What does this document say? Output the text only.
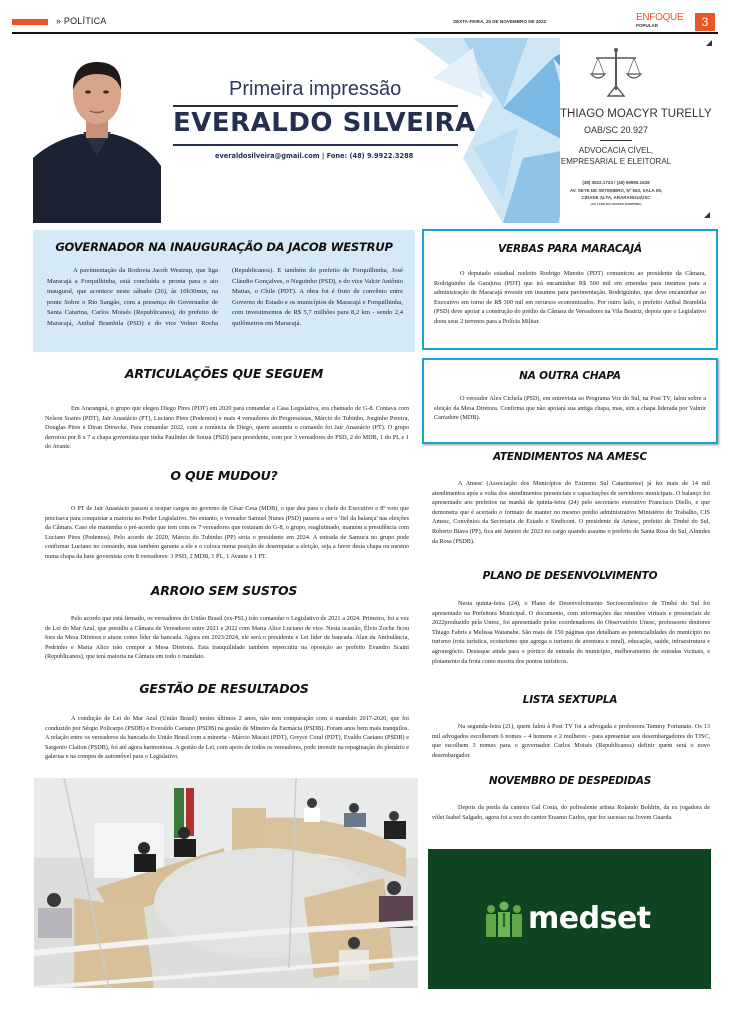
» POLÍTICA	SEXTA-FEIRA, 25 DE NOVEMBRO DE 2022	ENFOQUE
POPULAR	3
Primeira impressão
EVERALDO SILVEIRA
everaldosilveira@gmail.com | Fone: (48) 9.9922.3288
THIAGO MOACYR TURELLY
OAB/SC 20.927
ADVOCACIA CÍVEL,
EMPRESARIAL E ELEITORAL
(48) 3522.1724 / (48) 99955.1628
AV. SETE DE SETEMBRO, Nº 653, SALA 09,
CIDADE ALTA, ARARANGUÁ/SC
(AO LADO DO CENTER SHOPPING)
GOVERNADOR NA INAUGURAÇÃO DA JACOB WESTRUP

A pavimentação da Rodovia Jacob Westrup, que liga Maracajá a Forquilhinha, está concluída e pronta para o ato inaugural, que acontece neste sábado (26), às 10h30min, na ponte Sobre o Rio Sangão, com a presença do Governador de Santa Catarina, Carlos Moisés (Republicanos), do prefeito de Maracajá, Anibal Brambila (PSD) e do vice Volnei Rocha (Republicanos). E também do prefeito de Forquilhinha, José Cláudio Gonçalves, o Neguinho (PSD), e do vice Valcir Antônio Matias, o Chile (PDT). A obra foi é fruto de convênio entre Governo do Estado e os municípios de Maracajá e Forquilhinha, com investimentos de R$ 5,7 milhões para 8,2 km - sendo 2,4 quilômetros em Maracajá.

VERBAS PARA MARACAJÁ

O deputado estadual reeleito Rodrigo Minotto (PDT) comunicou ao presidente da Câmara, Rodriguinho da Garajuva (PDT) que irá encaminhar R$ 500 mil em emendas para insumos para a administração de Maracajá investir em insumos para pavimentação. Rodriguinho, que deve encaminhar ao Executivo em torno de R$ 300 mil em recursos economizados. Por outro lado, o prefeito Anibal Brambila (PSD) deve apoiar a construção do prédio da Câmara de Vereadores na Vila Beatriz, depois que o Legislativo doou seus 2 terrenos para a Polícia Militar.

ARTICULAÇÕES QUE SEGUEM

Em Araranguá, o grupo que elegeu Diego Pires (PDT) em 2020 para comandar a Casa Legislativa, era chamado de G-8. Contava com Nelson Soares (PDT), Jair Anastácio (PT), Luciano Pires (Podemos) e mais 4 vereadores do Progressistas, Márcio do Tubinho, Jorginho Pereira, Douglas Pires e Diran Drewcke. Para comandar 2022, com a renúncia de Diego, quem assumiu o comando foi Jair Anastácio (PT). O grupo derrotou por 8 x 7 a chapa governista que tinha Paulinho de Souza (PSD) para presidente, com por 3 vereadores do PSD, 2 do MDB, 1 do PL e 1 do Avante.

O QUE MUDOU?

O PT de Jair Anastácio passou a ocupar cargos no governo de César Cesa (MDB), o que deu para o chefe do Executivo o 8º voto que precisava para conquistar a maioria no Poder Legislativo. No entanto, o vereador Samuel Nunes (PSD) passou a ser o 'fiel da balança' nas eleições da Câmara. Caso ele mantenha o pré-acordo que tem com os 7 vereadores que restaram do G-8, o grupo, reaglutinado, mantém a presidência com Luciano Pires (Podemos). Pelo acordo de 2020, Márcio do Tubinho (PP) seria o presidente em 2024. A entrada de Samuca no grupo pode confirmar Luciano no comando, mas também garante a ele e o coloca numa posição de desempatar a eleição, seja a favor desta chapa ou mesmo numa chapa da base governista com 8 vereadores: 3 PSD, 2 MDB, 1 PL, 1 Avante e 1 PT.

ARROIO SEM SUSTOS

Pelo acordo que está firmado, os vereadores do União Brasil (ex-PSL) irão comandar o Legislativo de 2021 a 2024. Primeiro, foi a vez de Lei do Mar Azul, que presidiu a Câmara de Vereadores entre 2021 e 2022 com Maria Alice Luciano de vice. Nesta ocasião, Élvio Zoche ficou fora da Mesa Diretora e atuou como líder da bancada. Agora em 2023/2024, ele será o presidente e Lei líder de bancada. Alan da Ambulância, Pedrinho e Maria Alice irão compor a Mesa Diretora. Esta tranquilidade também repercutiu na oposição ao prefeito Evandro Scaini (Republicanos), que terá maioria na Câmara em todo o mandato.

GESTÃO DE RESULTADOS

A condução de Lei do Mar Azul (União Brasil) nestes últimos 2 anos, não tem comparação com o mandato 2017-2020, que foi conduzido por Sérgio Policarpo (PSDB) e Everaldo Caetano (PSDB) na gestão de Mineiro da Farmácia (PSDB). Foram anos bem mais tranquilos. A relação entre os vereadores da bancada do União Brasil com a minoria - Márcio Macari (PDT), Greyce Coral (PDT), Evaldo Caetano (PSDB) e Sargento Claiton (PSDB), foi até agora harmoniosa. A gestão de Lei, com apoio de todos os vereadores, pode investir na repaginação do plenário e galerias e na compra de automóvel para o Legislativo.

NA OUTRA CHAPA

O vereador Alex Cichela (PSD), em entrevista ao Programa Voz do Sul, na Post TV, falou sobre a eleição da Mesa Diretora. Confirma que não apoiará sua antiga chapa, mas, sim a chapa liderada por Valmir Carradore (MDB).

ATENDIMENTOS NA AMESC

A Amesc (Associação dos Municípios do Extremo Sul Catarinense) já fez mais de 14 mil atendimentos após a volta dos atendimentos presenciais e capacitações de servidores municipais. O balanço foi apresentado aos prefeitos na manhã de quinta-feira (24) pelo secretário executivo Francisco Diello, e que demonstra que é acertado o formato de manter no mesmo prédio administrativo Ministério do Trabalho, CIS Amesc, Convênios da Secretaria de Estado e Sindicont. O presidente da Amesc, prefeito de Timbé do Sul, Roberto Biava (PP), fica até Janeiro de 2023 no cargo quando assume o prefeito de Santa Rosa do Sul, Almides da Rosa (PSDB).

PLANO DE DESENVOLVIMENTO

Nesta quinta-feira (24), o Plano de Desenvolvimento Socioeconômico de Timbé do Sul foi apresentado na Prefeitura Municipal. O documento, com informações das reuniões virtuais e presenciais de 2022produzido pela Unesc, foi apresentado pelos coordenadores do Observatório Unesc, professores doutores Thiago Fabris e Melissa Watanabe. São mais de 150 páginas que detalham as potencialidades do município no turismo (rota turística, ecoturismo que agrega o turismo de aventura e rural), educação, saúde, infraestrutura e agronegócio. Destaque ainda para o pórtico de entrada do município, melhoramento de estradas vicinais, e plotamento da frota como mostra dos pontos turísticos.

LISTA SEXTUPLA

Na segunda-feira (21), quem falou à Post TV foi a advogada e professora Tammy Fortunato. Os 13 mil advogados escolheram 6 nomes – 4 homens e 2 mulheres - para apresentar aos desembargadores do TJSC, que escolhem 3 nomes para o governador Carlos Moisés (Republicanos) definir quem será o novo desembargador.

NOVEMBRO DE DESPEDIDAS

Depois da perda da cantora Gal Costa, do polivalente artista Rolando Boldrin, da ex jogadora de vôlei Isabel Salgado, agora foi a vez do cantor Erasmo Carlos, que fez sucesso na Jovem Guarda.

medset
